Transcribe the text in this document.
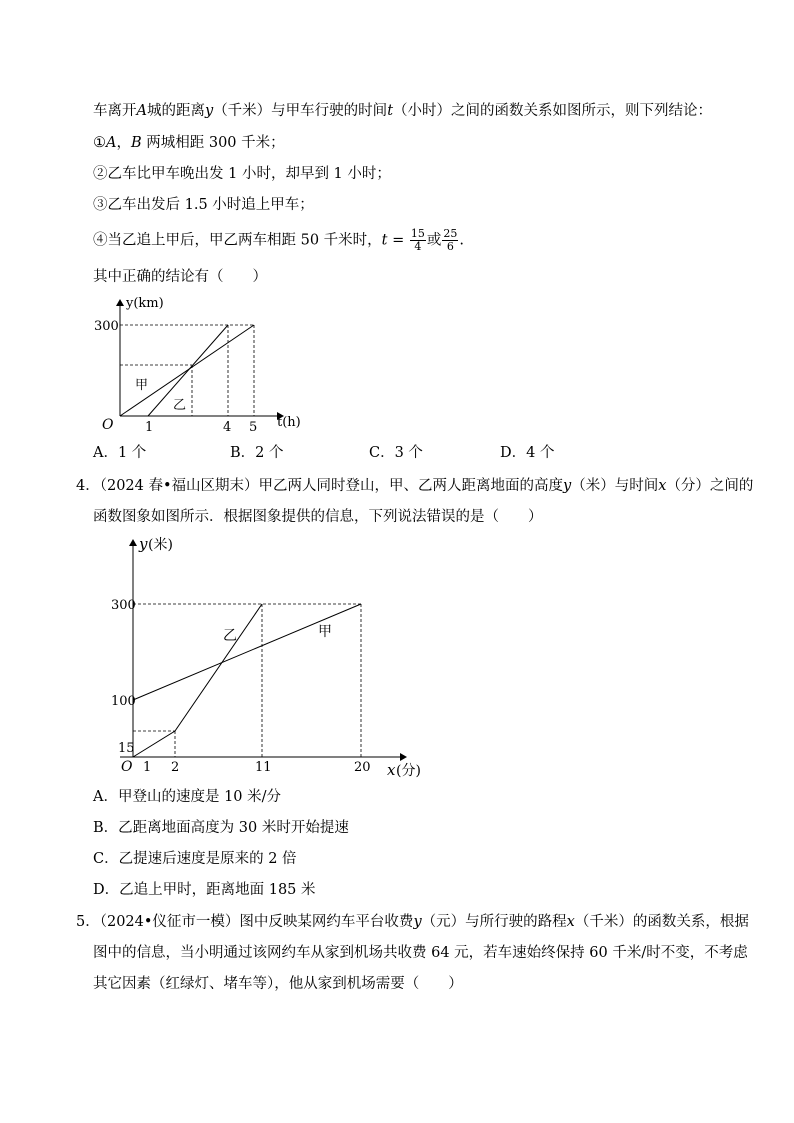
车离开A城的距离y（千米）与甲车行驶的时间t（小时）之间的函数关系如图所示，则下列结论：
①A，B 两城相距 300 千米；
②乙车比甲车晚出发 1 小时，却早到 1 小时；
③乙车出发后 1.5 小时追上甲车；
④当乙追上甲后，甲乙两车相距 50 千米时，$t = \frac{15}{4}$ 或 $\frac{25}{6}$ .
其中正确的结论有（　　）
y(km)
t(h)
O
300
1	4 5
甲
乙
A．1 个	B．2 个	C．3 个	D．4 个
4．（2024 春•福山区期末）甲乙两人同时登山，甲、乙两人距离地面的高度y（米）与时间x（分）之间的
函数图象如图所示．根据图象提供的信息，下列说法错误的是（　　）
y (米)
x (分)
O
300
100
15
1 2	11	20
乙	甲
A．甲登山的速度是 10 米/分
B．乙距离地面高度为 30 米时开始提速
C．乙提速后速度是原来的 2 倍
D．乙追上甲时，距离地面 185 米
5．（2024•仪征市一模）图中反映某网约车平台收费y（元）与所行驶的路程x（千米）的函数关系，根据
图中的信息，当小明通过该网约车从家到机场共收费 64 元，若车速始终保持 60 千米/时不变，不考虑
其它因素（红绿灯、堵车等），他从家到机场需要（　　）
